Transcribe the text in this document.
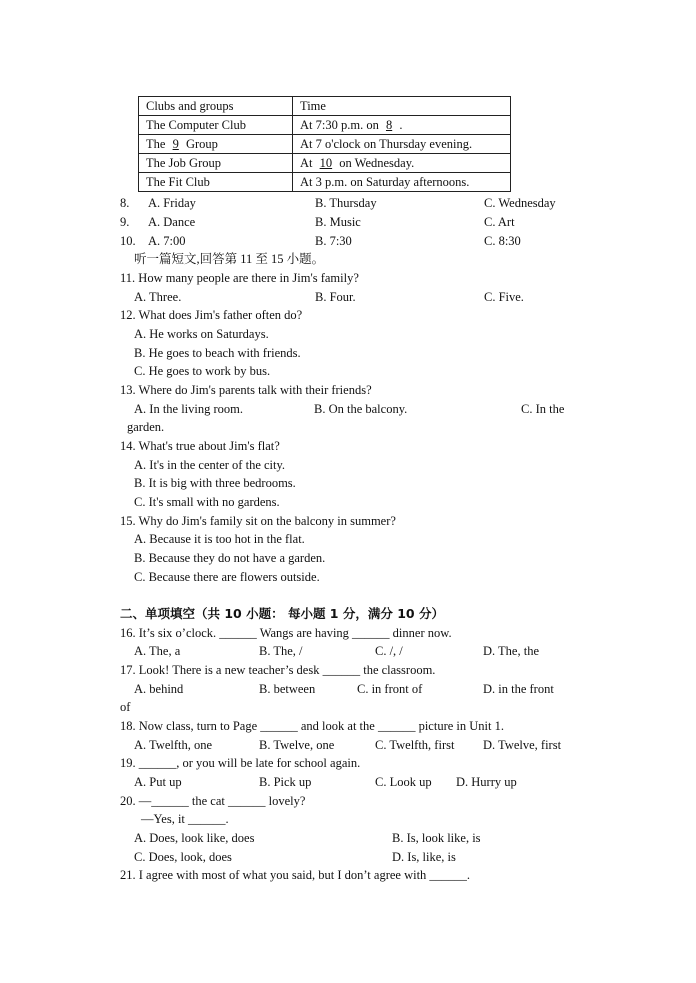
Clubs and groups	Time
The Computer Club	At 7:30 p.m. on 8 .
The 9 Group	At 7 o'clock on Thursday evening.
The Job Group	At 10 on Wednesday.
The Fit Club	At 3 p.m. on Saturday afternoons.
8. A. Friday	B. Thursday	C. Wednesday
9. A. Dance	B. Music	C. Art
10. A. 7:00	B. 7:30	C. 8:30
听一篇短文,回答第 11 至 15 小题。
11. How many people are there in Jim's family?
A. Three.	B. Four.	C. Five.
12. What does Jim's father often do?
A. He works on Saturdays.
B. He goes to beach with friends.
C. He goes to work by bus.
13. Where do Jim's parents talk with their friends?
A. In the living room.	B. On the balcony.	C. In the
garden.
14. What's true about Jim's flat?
A. It's in the center of the city.
B. It is big with three bedrooms.
C. It's small with no gardens.
15. Why do Jim's family sit on the balcony in summer?
A. Because it is too hot in the flat.
B. Because they do not have a garden.
C. Because there are flowers outside.
二、单项填空（共 10 小题： 每小题 1 分，满分 10 分）
16. It’s six o’clock. ______ Wangs are having ______ dinner now.
A. The, a	B. The, /	C. /, /	D. The, the
17. Look! There is a new teacher’s desk ______ the classroom.
A. behind	B. between	C. in front of	D. in the front
of
18. Now class, turn to Page ______ and look at the ______ picture in Unit 1.
A. Twelfth, one	B. Twelve, one	C. Twelfth, first D. Twelve, first
19. ______, or you will be late for school again.
A. Put up	B. Pick up	C. Look up D. Hurry up
20. —______ the cat ______ lovely?
—Yes, it ______.
A. Does, look like, does	B. Is, look like, is
C. Does, look, does	D. Is, like, is
21. I agree with most of what you said, but I don’t agree with ______.
